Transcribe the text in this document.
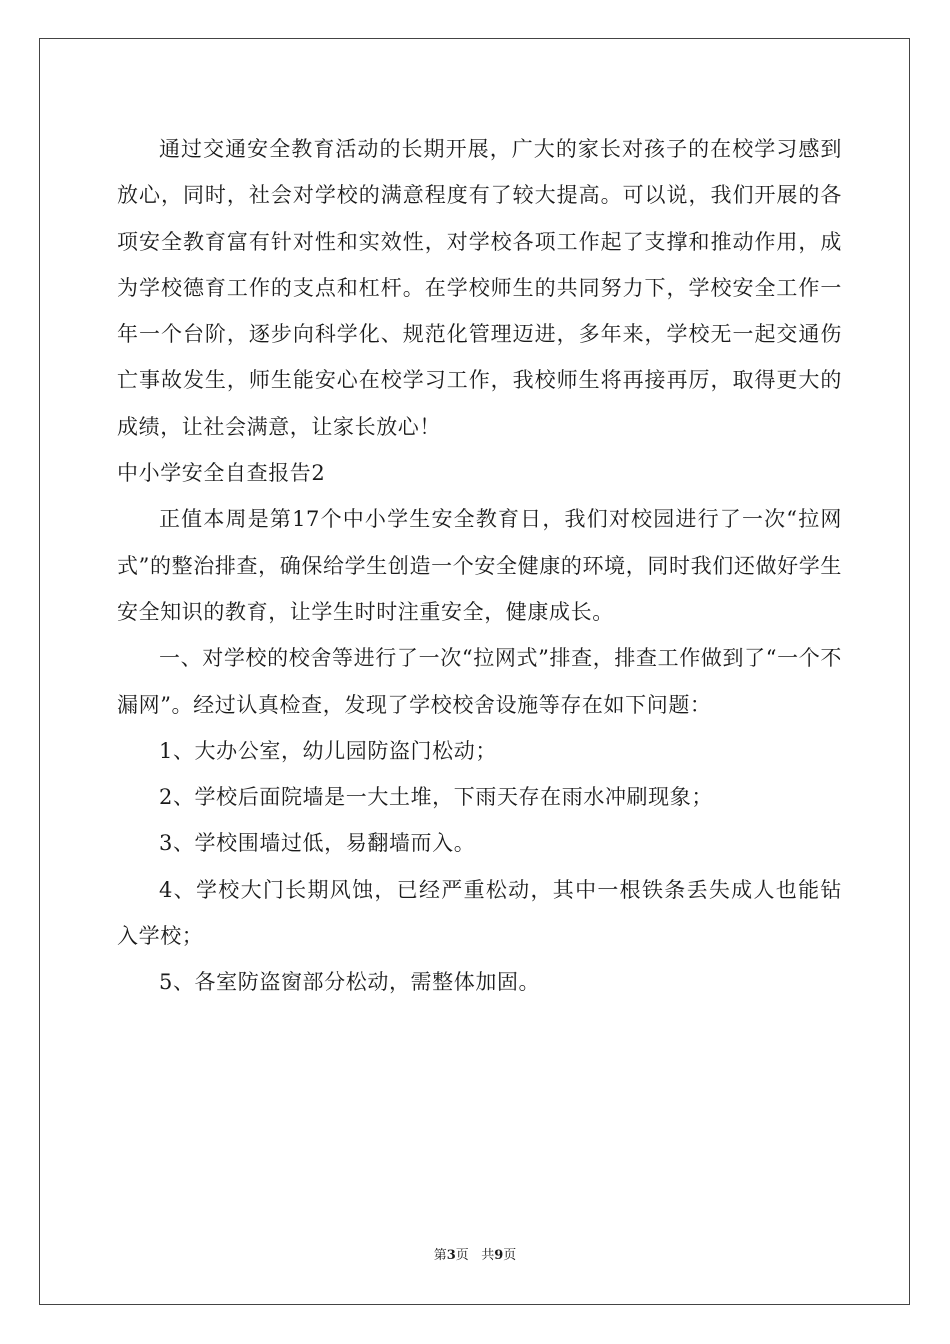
通过交通安全教育活动的长期开展，广大的家长对孩子的在校学习感到放心，同时，社会对学校的满意程度有了较大提高。可以说，我们开展的各项安全教育富有针对性和实效性，对学校各项工作起了支撑和推动作用，成为学校德育工作的支点和杠杆。在学校师生的共同努力下，学校安全工作一年一个台阶，逐步向科学化、规范化管理迈进，多年来，学校无一起交通伤亡事故发生，师生能安心在校学习工作，我校师生将再接再厉，取得更大的成绩，让社会满意，让家长放心！

中小学安全自查报告2

正值本周是第17个中小学生安全教育日，我们对校园进行了一次“拉网式”的整治排查，确保给学生创造一个安全健康的环境，同时我们还做好学生安全知识的教育，让学生时时注重安全，健康成长。

一、对学校的校舍等进行了一次“拉网式”排查，排查工作做到了“一个不漏网”。经过认真检查，发现了学校校舍设施等存在如下问题：

1、大办公室，幼儿园防盗门松动；

2、学校后面院墙是一大土堆，下雨天存在雨水冲刷现象；

3、学校围墙过低，易翻墙而入。

4、学校大门长期风蚀，已经严重松动，其中一根铁条丢失成人也能钻入学校；

5、各室防盗窗部分松动，需整体加固。

第3页 共9页
